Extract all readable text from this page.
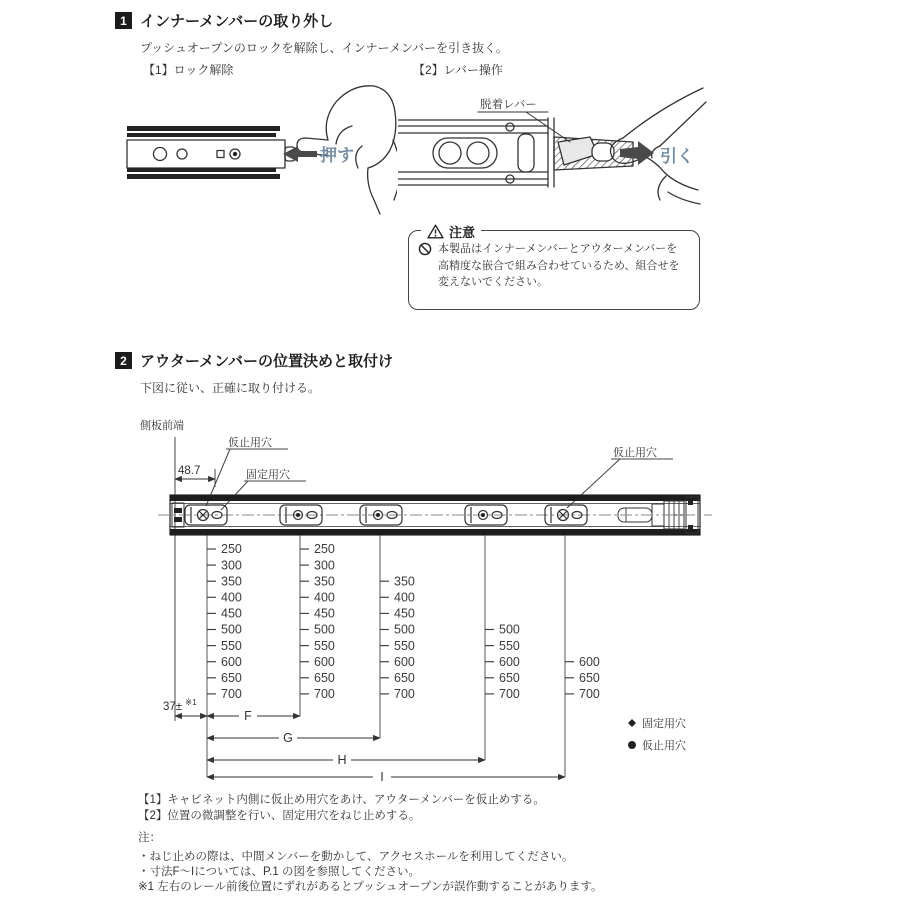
1 インナーメンバーの取り外し
プッシュオープンのロックを解除し、インナーメンバーを引き抜く。
【1】ロック解除	【2】レバー操作
押す
脱着レバー
引く
注意
本製品はインナーメンバーとアウターメンバーを
高精度な嵌合で組み合わせているため、組合せを
変えないでください。
2 アウターメンバーの位置決めと取付け
下図に従い、正確に取り付ける。
側板前端
48.7
仮止用穴
固定用穴
仮止用穴
250
300
350
400
450
500
550
600
650
700
250
300
350
400
450
500
550
600
650
700
350
400
450
500
550
600
650
700
500
550
600
650
700
600
650
700
F
G
H
I
37± ※1
固定用穴
仮止用穴
【1】キャビネット内側に仮止め用穴をあけ、アウターメンバーを仮止めする。
【2】位置の微調整を行い、固定用穴をねじ止めする。
注：
・ねじ止めの際は、中間メンバーを動かして、アクセスホールを利用してください。
・寸法F～Iについては、P.1 の図を参照してください。
※1 左右のレール前後位置にずれがあるとプッシュオープンが誤作動することがあります。
